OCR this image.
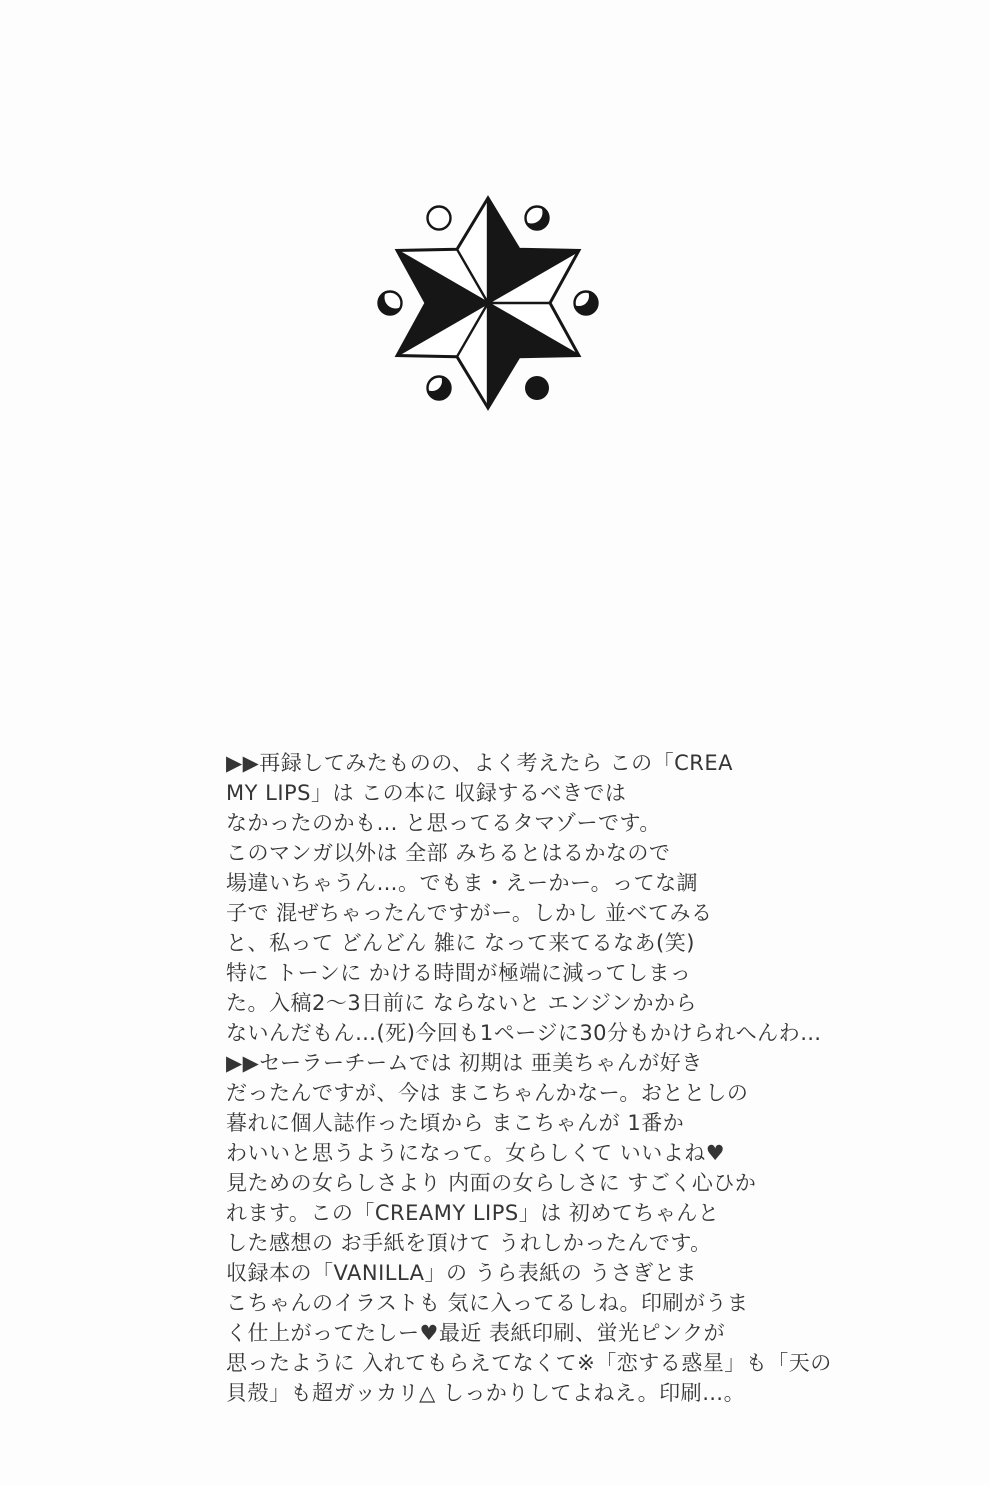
▶▶再録してみたものの、よく考えたら この「CREA
MY LIPS」は この本に 収録するべきでは
なかったのかも… と思ってるタマゾーです。
このマンガ以外は 全部 みちるとはるかなので
場違いちゃうん…。でもま・えーかー。ってな調
子で 混ぜちゃったんですがー。しかし 並べてみる
と、私って どんどん 雑に なって来てるなあ(笑)
特に トーンに かける時間が極端に減ってしまっ
た。入稿2〜3日前に ならないと エンジンかから
ないんだもん…(死)今回も1ページに30分もかけられへんわ…
▶▶セーラーチームでは 初期は 亜美ちゃんが好き
だったんですが、今は まこちゃんかなー。おととしの
暮れに個人誌作った頃から まこちゃんが 1番か
わいいと思うようになって。女らしくて いいよね♥
見ための女らしさより 内面の女らしさに すごく心ひか
れます。この「CREAMY LIPS」は 初めてちゃんと
した感想の お手紙を頂けて うれしかったんです。
収録本の「VANILLA」の うら表紙の うさぎとま
こちゃんのイラストも 気に入ってるしね。印刷がうま
く仕上がってたしー♥最近 表紙印刷、蛍光ピンクが
思ったように 入れてもらえてなくて※「恋する惑星」も「天の
貝殻」も超ガッカリ△ しっかりしてよねえ。印刷…。
